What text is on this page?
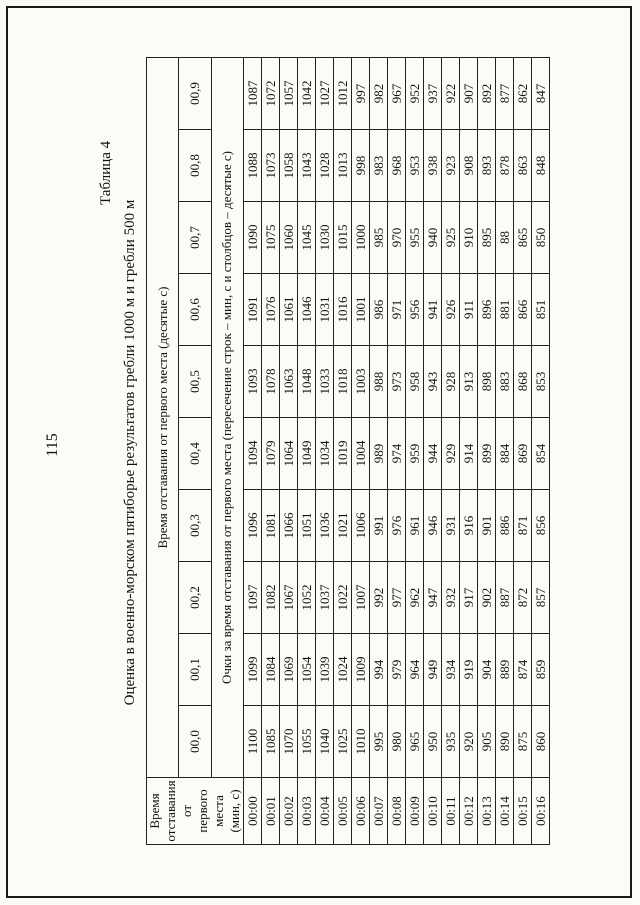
115
Таблица 4
Оценка в военно-морском пятиборье результатов гребли 1000 м и гребли 500 м
Время отставания от первого места (мин, с)	Время отставания от первого места (десятые с)									
	00,0	00,1	00,2	00,3	00,4	00,5	00,6	00,7	00,8	00,9
	Очки за время отставания от первого места (пересечение строк – мин, с и столбцов – десятые с)									
00:00	1100	1099	1097	1096	1094	1093	1091	1090	1088	1087
00:01	1085	1084	1082	1081	1079	1078	1076	1075	1073	1072
00:02	1070	1069	1067	1066	1064	1063	1061	1060	1058	1057
00:03	1055	1054	1052	1051	1049	1048	1046	1045	1043	1042
00:04	1040	1039	1037	1036	1034	1033	1031	1030	1028	1027
00:05	1025	1024	1022	1021	1019	1018	1016	1015	1013	1012
00:06	1010	1009	1007	1006	1004	1003	1001	1000	998	997
00:07	995	994	992	991	989	988	986	985	983	982
00:08	980	979	977	976	974	973	971	970	968	967
00:09	965	964	962	961	959	958	956	955	953	952
00:10	950	949	947	946	944	943	941	940	938	937
00:11	935	934	932	931	929	928	926	925	923	922
00:12	920	919	917	916	914	913	911	910	908	907
00:13	905	904	902	901	899	898	896	895	893	892
00:14	890	889	887	886	884	883	881	88	878	877
00:15	875	874	872	871	869	868	866	865	863	862
00:16	860	859	857	856	854	853	851	850	848	847
